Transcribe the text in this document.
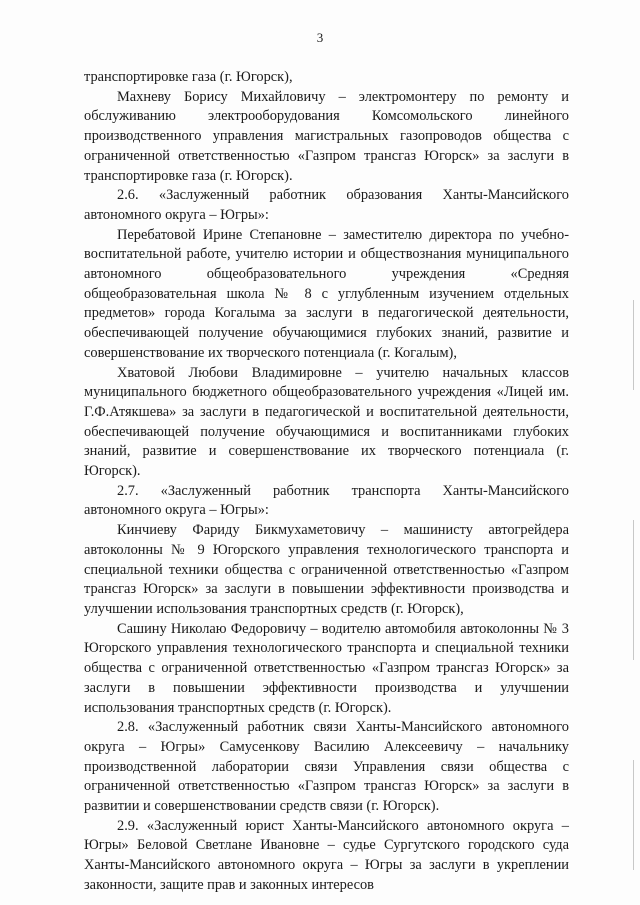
3

транспортировке газа (г. Югорск),

Махневу Борису Михайловичу – электромонтеру по ремонту и обслуживанию электрооборудования Комсомольского линейного производственного управления магистральных газопроводов общества с ограниченной ответственностью «Газпром трансгаз Югорск» за заслуги в транспортировке газа (г. Югорск).

2.6. «Заслуженный работник образования Ханты-Мансийского автономного округа – Югры»:

Перебатовой Ирине Степановне – заместителю директора по учебно-воспитательной работе, учителю истории и обществознания муниципального автономного общеобразовательного учреждения «Средняя общеобразовательная школа № 8 с углубленным изучением отдельных предметов» города Когалыма за заслуги в педагогической деятельности, обеспечивающей получение обучающимися глубоких знаний, развитие и совершенствование их творческого потенциала (г. Когалым),

Хватовой Любови Владимировне – учителю начальных классов муниципального бюджетного общеобразовательного учреждения «Лицей им. Г.Ф.Атякшева» за заслуги в педагогической и воспитательной деятельности, обеспечивающей получение обучающимися и воспитанниками глубоких знаний, развитие и совершенствование их творческого потенциала (г. Югорск).

2.7. «Заслуженный работник транспорта Ханты-Мансийского автономного округа – Югры»:

Кинчиеву Фариду Бикмухаметовичу – машинисту автогрейдера автоколонны № 9 Югорского управления технологического транспорта и специальной техники общества с ограниченной ответственностью «Газпром трансгаз Югорск» за заслуги в повышении эффективности производства и улучшении использования транспортных средств (г. Югорск),

Сашину Николаю Федоровичу – водителю автомобиля автоколонны № 3 Югорского управления технологического транспорта и специальной техники общества с ограниченной ответственностью «Газпром трансгаз Югорск» за заслуги в повышении эффективности производства и улучшении использования транспортных средств (г. Югорск).

2.8. «Заслуженный работник связи Ханты-Мансийского автономного округа – Югры» Самусенкову Василию Алексеевичу – начальнику производственной лаборатории связи Управления связи общества с ограниченной ответственностью «Газпром трансгаз Югорск» за заслуги в развитии и совершенствовании средств связи (г. Югорск).

2.9. «Заслуженный юрист Ханты-Мансийского автономного округа – Югры» Беловой Светлане Ивановне – судье Сургутского городского суда Ханты-Мансийского автономного округа – Югры за заслуги в укреплении законности, защите прав и законных интересов
